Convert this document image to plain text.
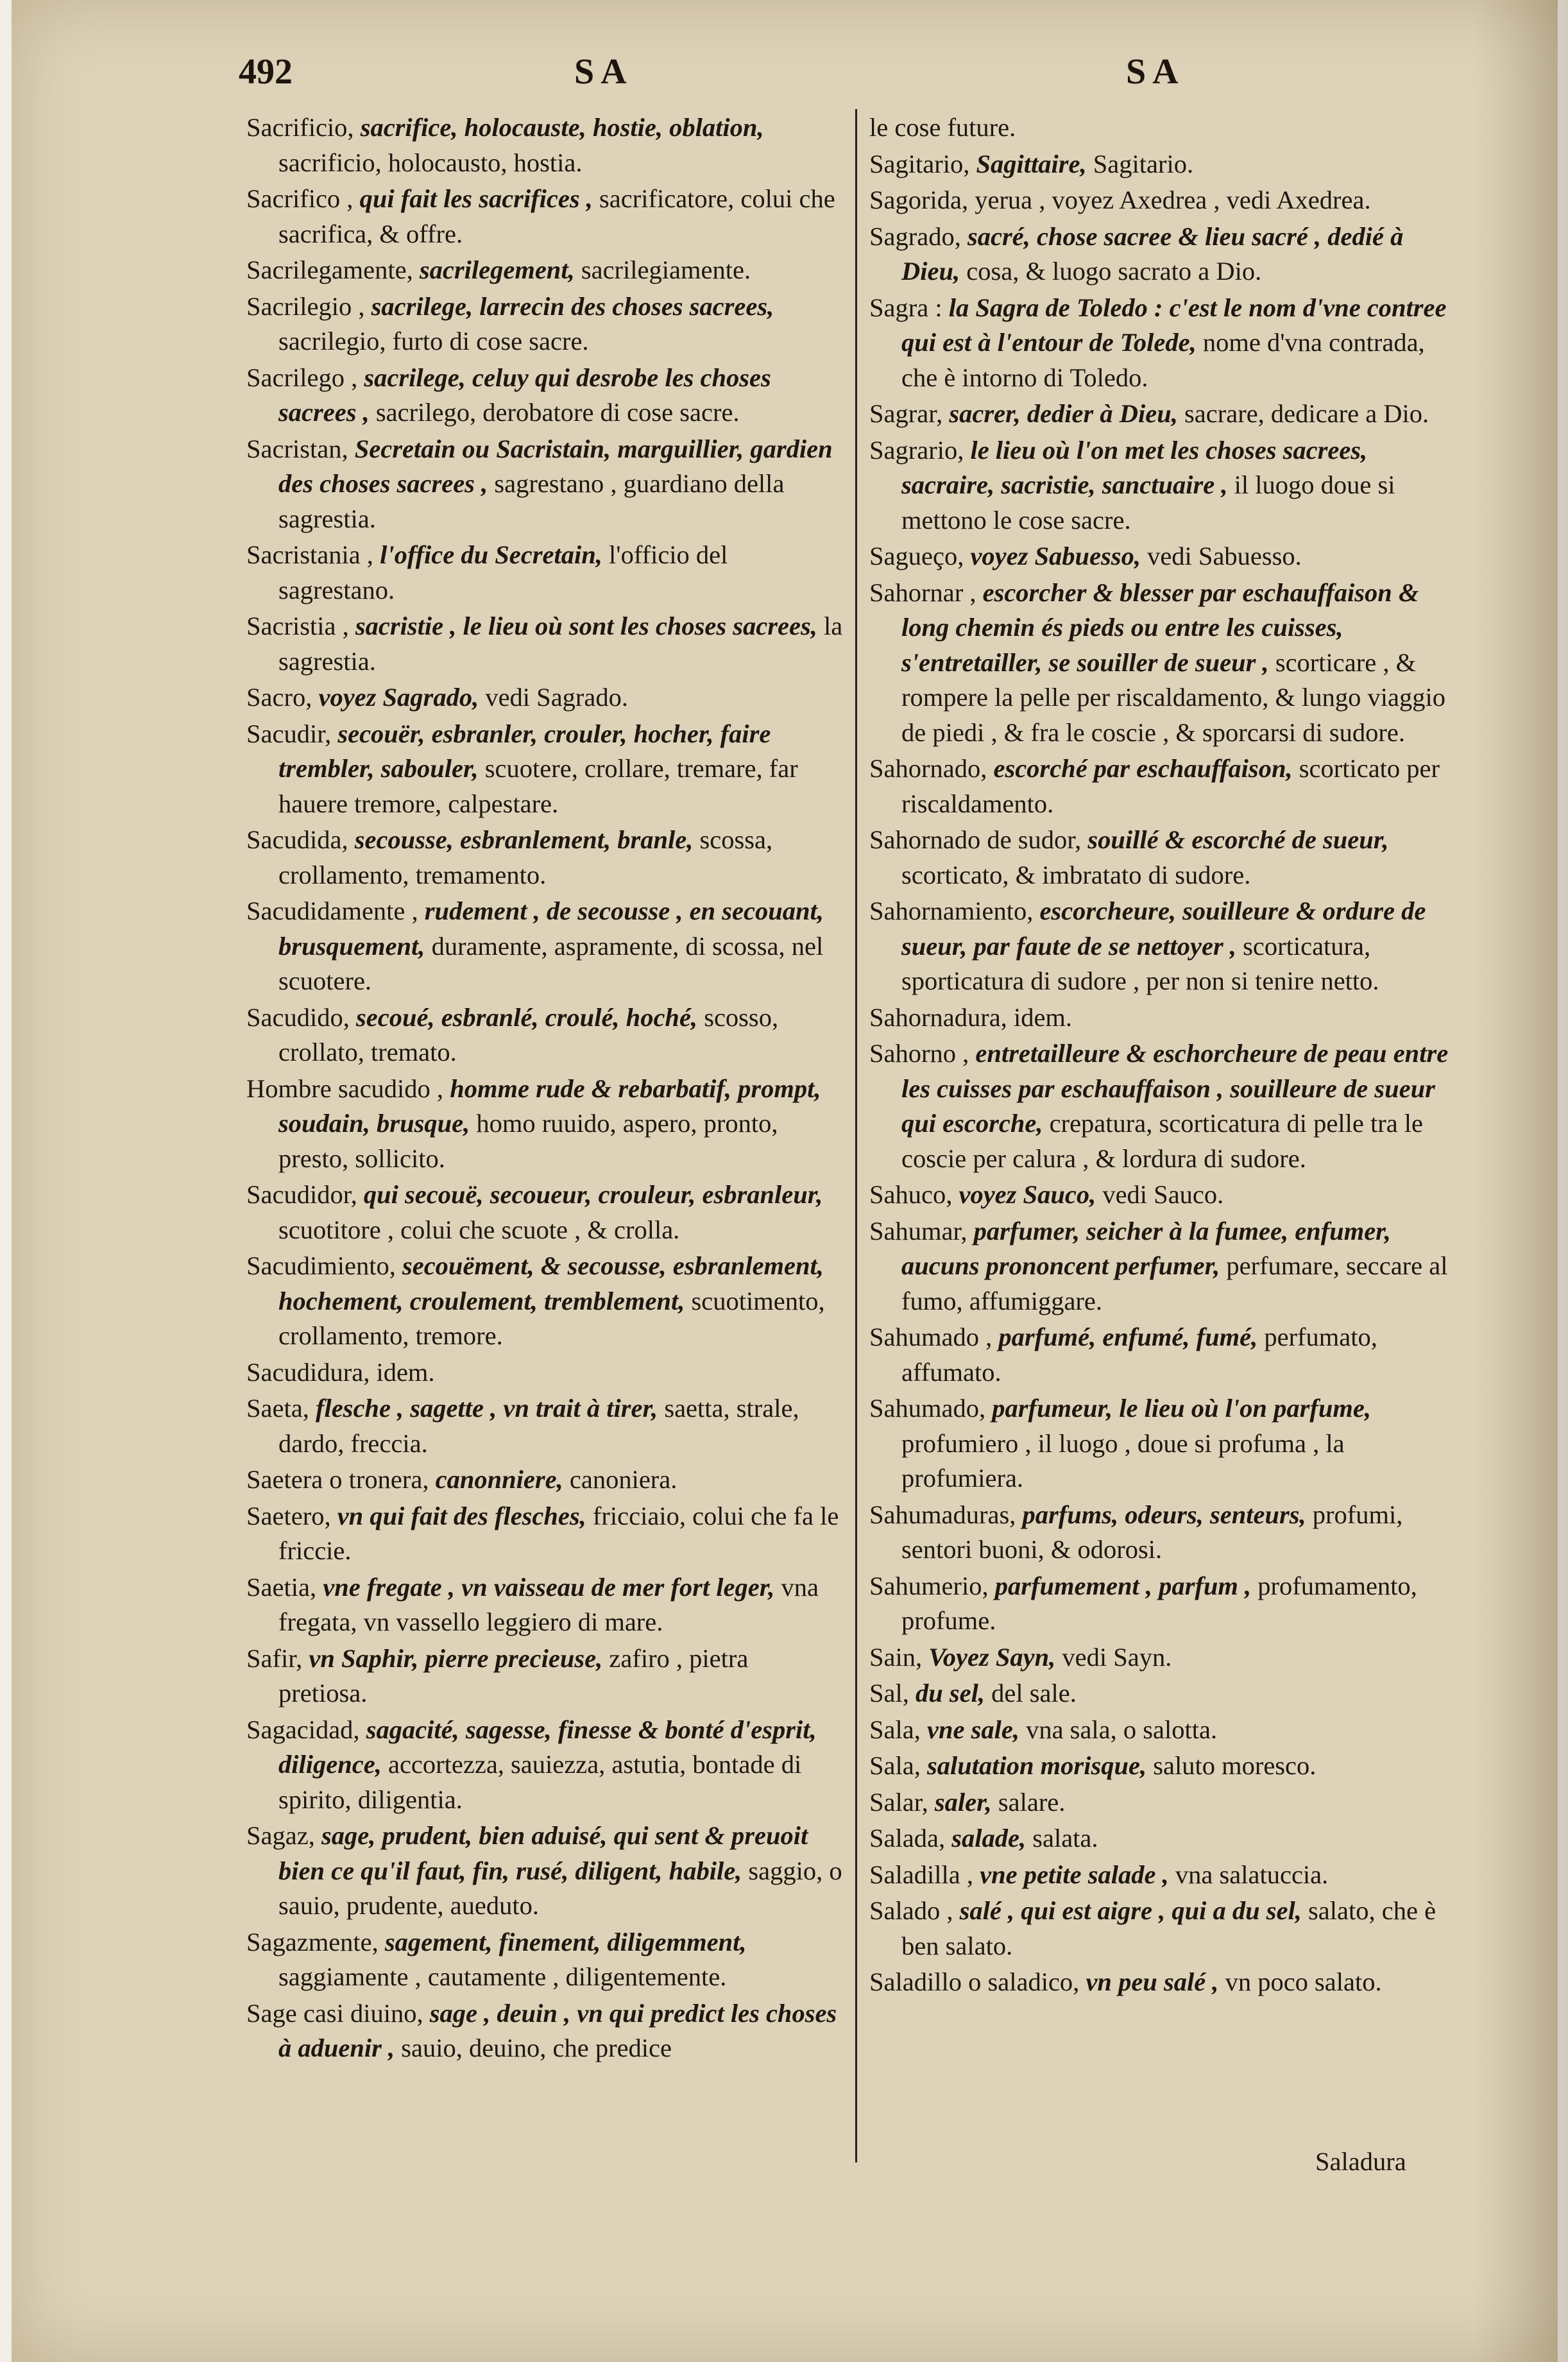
492	SA	SA

Sacrificio, sacrifice, holocauste, hostie, oblation, sacrificio, holocausto, hostia.

Sacrifico , qui fait les sacrifices , sacrificatore, colui che sacrifica, & offre.

Sacrilegamente, sacrilegement, sacrilegiamente.

Sacrilegio , sacrilege, larrecin des choses sacrees, sacrilegio, furto di cose sacre.

Sacrilego , sacrilege, celuy qui desrobe les choses sacrees , sacrilego, derobatore di cose sacre.

Sacristan, Secretain ou Sacristain, marguillier, gardien des choses sacrees , sagrestano , guardiano della sagrestia.

Sacristania , l'office du Secretain, l'officio del sagrestano.

Sacristia , sacristie , le lieu où sont les choses sacrees, la sagrestia.

Sacro, voyez Sagrado, vedi Sagrado.

Sacudir, secouër, esbranler, crouler, hocher, faire trembler, sabouler, scuotere, crollare, tremare, far hauere tremore, calpestare.

Sacudida, secousse, esbranlement, branle, scossa, crollamento, tremamento.

Sacudidamente , rudement , de secousse , en secouant, brusquement, duramente, aspramente, di scossa, nel scuotere.

Sacudido, secoué, esbranlé, croulé, hoché, scosso, crollato, tremato.

Hombre sacudido , homme rude & rebarbatif, prompt, soudain, brusque, homo ruuido, aspero, pronto, presto, sollicito.

Sacudidor, qui secouë, secoueur, crouleur, esbranleur, scuotitore , colui che scuote , & crolla.

Sacudimiento, secouëment, & secousse, esbranlement, hochement, croulement, tremblement, scuotimento, crollamento, tremore.

Sacudidura, idem.

Saeta, flesche , sagette , vn trait à tirer, saetta, strale, dardo, freccia.

Saetera o tronera, canonniere, canoniera.

Saetero, vn qui fait des flesches, fricciaio, colui che fa le friccie.

Saetia, vne fregate , vn vaisseau de mer fort leger, vna fregata, vn vassello leggiero di mare.

Safir, vn Saphir, pierre precieuse, zafiro , pietra pretiosa.

Sagacidad, sagacité, sagesse, finesse & bonté d'esprit, diligence, accortezza, sauiezza, astutia, bontade di spirito, diligentia.

Sagaz, sage, prudent, bien aduisé, qui sent & preuoit bien ce qu'il faut, fin, rusé, diligent, habile, saggio, o sauio, prudente, aueduto.

Sagazmente, sagement, finement, diligemment, saggiamente , cautamente , diligentemente.

Sage casi diuino, sage , deuin , vn qui predict les choses à aduenir , sauio, deuino, che predice

le cose future.

Sagitario, Sagittaire, Sagitario.

Sagorida, yerua , voyez Axedrea , vedi Axedrea.

Sagrado, sacré, chose sacree & lieu sacré , dedié à Dieu, cosa, & luogo sacrato a Dio.

Sagra : la Sagra de Toledo : c'est le nom d'vne contree qui est à l'entour de Tolede, nome d'vna contrada, che è intorno di Toledo.

Sagrar, sacrer, dedier à Dieu, sacrare, dedicare a Dio.

Sagrario, le lieu où l'on met les choses sacrees, sacraire, sacristie, sanctuaire , il luogo doue si mettono le cose sacre.

Sagueço, voyez Sabuesso, vedi Sabuesso.

Sahornar , escorcher & blesser par eschauffaison & long chemin és pieds ou entre les cuisses, s'entretailler, se souiller de sueur , scorticare , & rompere la pelle per riscaldamento, & lungo viaggio de piedi , & fra le coscie , & sporcarsi di sudore.

Sahornado, escorché par eschauffaison, scorticato per riscaldamento.

Sahornado de sudor, souillé & escorché de sueur, scorticato, & imbratato di sudore.

Sahornamiento, escorcheure, souilleure & ordure de sueur, par faute de se nettoyer , scorticatura, sporticatura di sudore , per non si tenire netto.

Sahornadura, idem.

Sahorno , entretailleure & eschorcheure de peau entre les cuisses par eschauffaison , souilleure de sueur qui escorche, crepatura, scorticatura di pelle tra le coscie per calura , & lordura di sudore.

Sahuco, voyez Sauco, vedi Sauco.

Sahumar, parfumer, seicher à la fumee, enfumer, aucuns prononcent perfumer, perfumare, seccare al fumo, affumiggare.

Sahumado , parfumé, enfumé, fumé, perfumato, affumato.

Sahumado, parfumeur, le lieu où l'on parfume, profumiero , il luogo , doue si profuma , la profumiera.

Sahumaduras, parfums, odeurs, senteurs, profumi, sentori buoni, & odorosi.

Sahumerio, parfumement , parfum , profumamento, profume.

Sain, Voyez Sayn, vedi Sayn.

Sal, du sel, del sale.

Sala, vne sale, vna sala, o salotta.

Sala, salutation morisque, saluto moresco.

Salar, saler, salare.

Salada, salade, salata.

Saladilla , vne petite salade , vna salatuccia.

Salado , salé , qui est aigre , qui a du sel, salato, che è ben salato.

Saladillo o saladico, vn peu salé , vn poco salato.

Saladura
